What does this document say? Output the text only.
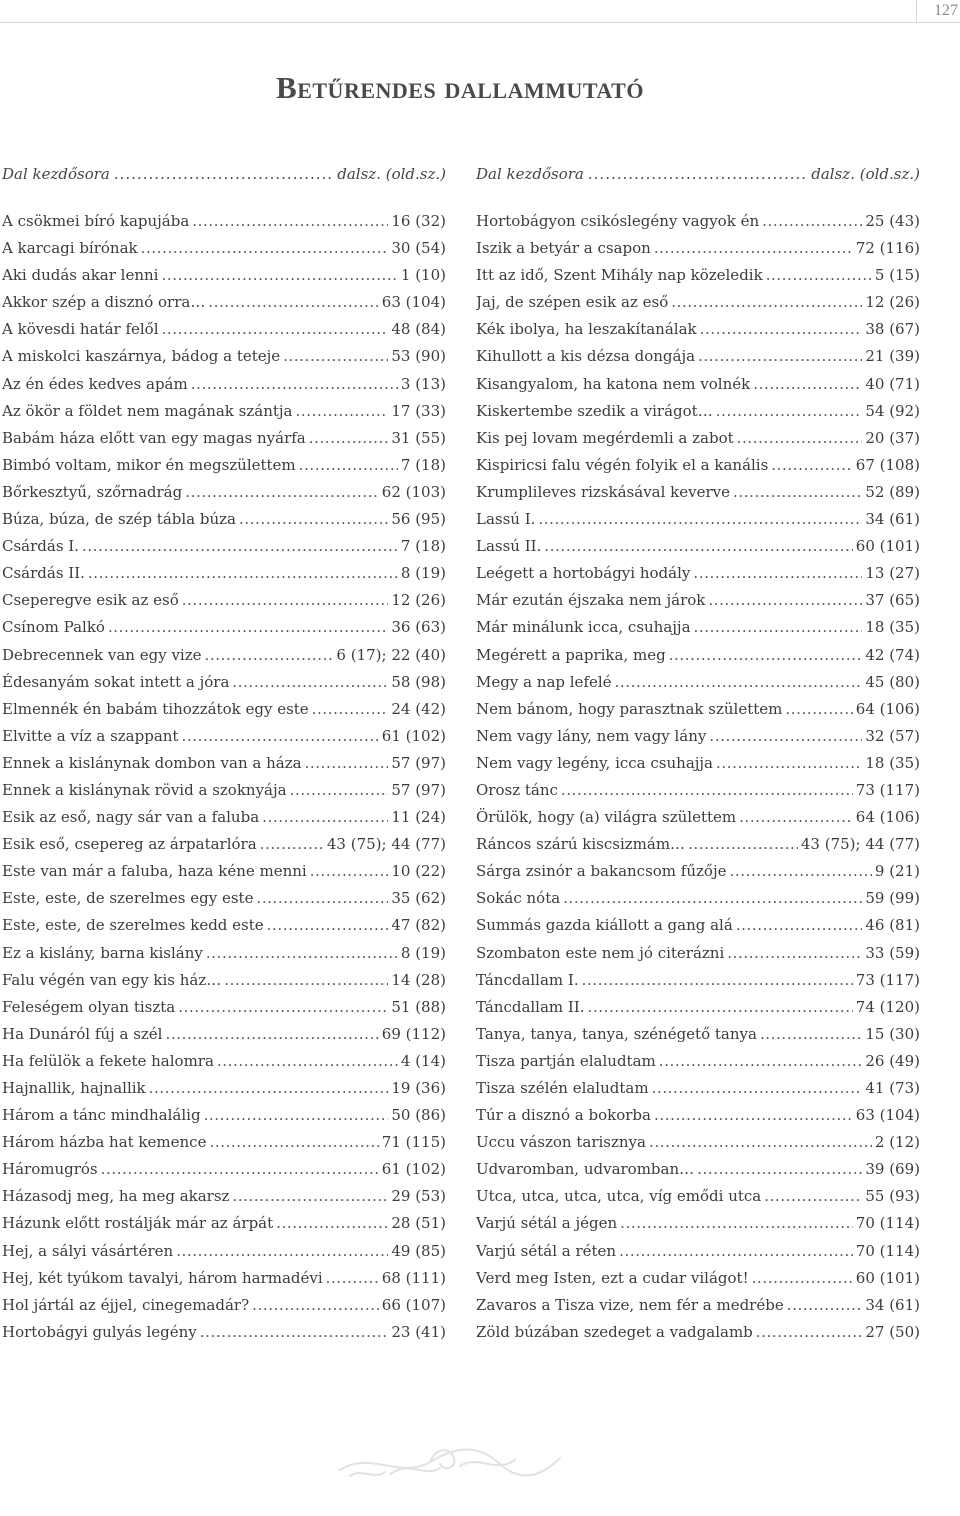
127
Betűrendes dallammutató
Dal kezdősora .....	dalsz. (old.sz.)
A csökmei bíró kapujába .....	16 (32)
A karcagi bírónak .....	30 (54)
Aki dudás akar lenni .....	1 (10)
Akkor szép a disznó orra… .....	63 (104)
A kövesdi határ felől .....	48 (84)
A miskolci kaszárnya, bádog a teteje .....	53 (90)
Az én édes kedves apám .....	3 (13)
Az ökör a földet nem magának szántja .....	17 (33)
Babám háza előtt van egy magas nyárfa .....	31 (55)
Bimbó voltam, mikor én megszülettem .....	7 (18)
Bőrkesztyű, szőrnadrág .....	62 (103)
Búza, búza, de szép tábla búza .....	56 (95)
Csárdás I. .....	7 (18)
Csárdás II. .....	8 (19)
Cseperegve esik az eső .....	12 (26)
Csínom Palkó .....	36 (63)
Debrecennek van egy vize .....	6 (17); 22 (40)
Édesanyám sokat intett a jóra .....	58 (98)
Elmennék én babám tihozzátok egy este .....	24 (42)
Elvitte a víz a szappant .....	61 (102)
Ennek a kislánynak dombon van a háza .....	57 (97)
Ennek a kislánynak rövid a szoknyája .....	57 (97)
Esik az eső, nagy sár van a faluba .....	11 (24)
Esik eső, csepereg az árpatarlóra .....	43 (75); 44 (77)
Este van már a faluba, haza kéne menni .....	10 (22)
Este, este, de szerelmes egy este .....	35 (62)
Este, este, de szerelmes kedd este .....	47 (82)
Ez a kislány, barna kislány .....	8 (19)
Falu végén van egy kis ház… .....	14 (28)
Feleségem olyan tiszta .....	51 (88)
Ha Dunáról fúj a szél .....	69 (112)
Ha felülök a fekete halomra .....	4 (14)
Hajnallik, hajnallik .....	19 (36)
Három a tánc mindhalálig .....	50 (86)
Három házba hat kemence .....	71 (115)
Háromugrós .....	61 (102)
Házasodj meg, ha meg akarsz .....	29 (53)
Házunk előtt rostálják már az árpát .....	28 (51)
Hej, a sályi vásártéren .....	49 (85)
Hej, két tyúkom tavalyi, három harmadévi .....	68 (111)
Hol jártál az éjjel, cinegemadár? .....	66 (107)
Hortobágyi gulyás legény .....	23 (41)
Dal kezdősora .....	dalsz. (old.sz.)
Hortobágyon csikóslegény vagyok én .....	25 (43)
Iszik a betyár a csapon .....	72 (116)
Itt az idő, Szent Mihály nap közeledik .....	5 (15)
Jaj, de szépen esik az eső .....	12 (26)
Kék ibolya, ha leszakítanálak .....	38 (67)
Kihullott a kis dézsa dongája .....	21 (39)
Kisangyalom, ha katona nem volnék .....	40 (71)
Kiskertembe szedik a virágot… .....	54 (92)
Kis pej lovam megérdemli a zabot .....	20 (37)
Kispiricsi falu végén folyik el a kanális .....	67 (108)
Krumplileves rizskásával keverve .....	52 (89)
Lassú I. .....	34 (61)
Lassú II. .....	60 (101)
Leégett a hortobágyi hodály .....	13 (27)
Már ezután éjszaka nem járok .....	37 (65)
Már minálunk icca, csuhajja .....	18 (35)
Megérett a paprika, meg .....	42 (74)
Megy a nap lefelé .....	45 (80)
Nem bánom, hogy parasztnak születtem .....	64 (106)
Nem vagy lány, nem vagy lány .....	32 (57)
Nem vagy legény, icca csuhajja .....	18 (35)
Orosz tánc .....	73 (117)
Örülök, hogy (a) világra születtem .....	64 (106)
Ráncos szárú kiscsizmám… .....	43 (75); 44 (77)
Sárga zsinór a bakancsom fűzője .....	9 (21)
Sokác nóta .....	59 (99)
Summás gazda kiállott a gang alá .....	46 (81)
Szombaton este nem jó citerázni .....	33 (59)
Táncdallam I. .....	73 (117)
Táncdallam II. .....	74 (120)
Tanya, tanya, tanya, szénégető tanya .....	15 (30)
Tisza partján elaludtam .....	26 (49)
Tisza szélén elaludtam .....	41 (73)
Túr a disznó a bokorba .....	63 (104)
Uccu vászon tarisznya .....	2 (12)
Udvaromban, udvaromban… .....	39 (69)
Utca, utca, utca, utca, víg emődi utca .....	55 (93)
Varjú sétál a jégen .....	70 (114)
Varjú sétál a réten .....	70 (114)
Verd meg Isten, ezt a cudar világot! .....	60 (101)
Zavaros a Tisza vize, nem fér a medrébe .....	34 (61)
Zöld búzában szedeget a vadgalamb .....	27 (50)
